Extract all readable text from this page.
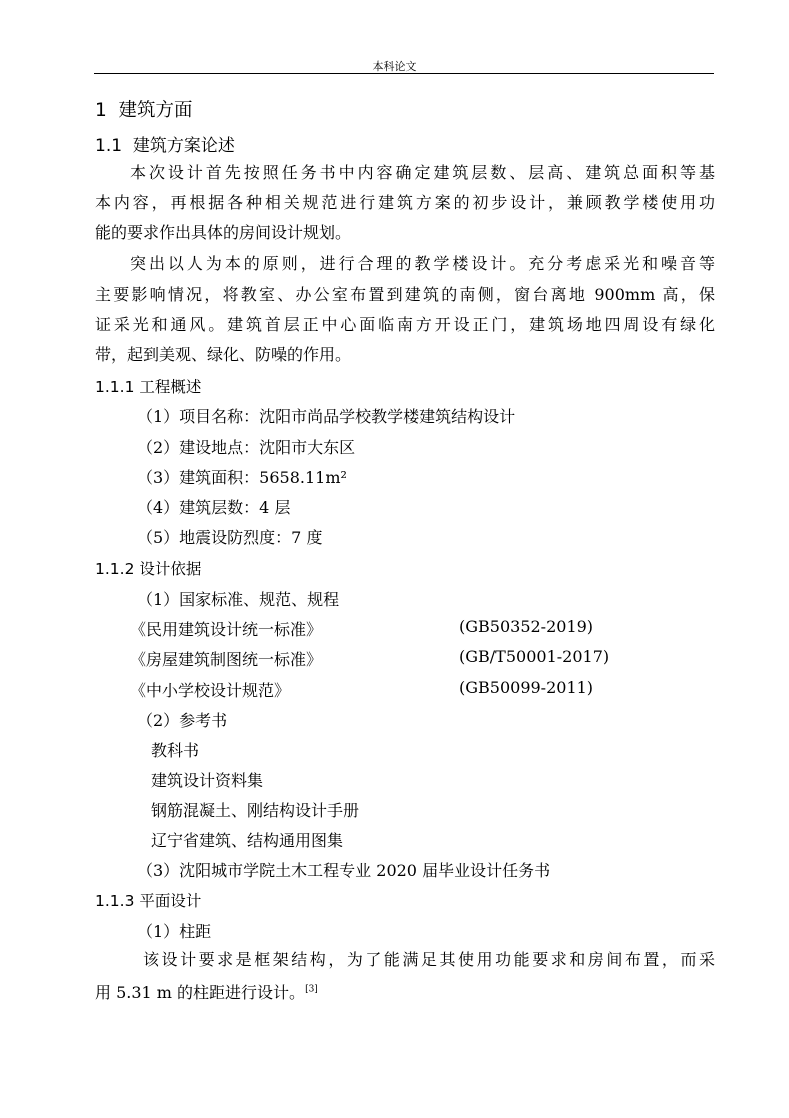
本科论文
1 建筑方面
1.1 建筑方案论述
本次设计首先按照任务书中内容确定建筑层数、层高、建筑总面积等基
本内容，再根据各种相关规范进行建筑方案的初步设计，兼顾教学楼使用功
能的要求作出具体的房间设计规划。
突出以人为本的原则，进行合理的教学楼设计。充分考虑采光和噪音等
主要影响情况，将教室、办公室布置到建筑的南侧，窗台离地 900mm 高，保
证采光和通风。建筑首层正中心面临南方开设正门，建筑场地四周设有绿化
带，起到美观、绿化、防噪的作用。
1.1.1 工程概述
（1）项目名称：沈阳市尚品学校教学楼建筑结构设计
（2）建设地点：沈阳市大东区
（3）建筑面积：5658.11m²
（4）建筑层数：4 层
（5）地震设防烈度：7 度
1.1.2 设计依据
（1）国家标准、规范、规程
《民用建筑设计统一标准》	(GB50352-2019)
《房屋建筑制图统一标准》	(GB/T50001-2017)
《中小学校设计规范》	(GB50099-2011)
（2）参考书
教科书
建筑设计资料集
钢筋混凝土、刚结构设计手册
辽宁省建筑、结构通用图集
（3）沈阳城市学院土木工程专业 2020 届毕业设计任务书
1.1.3 平面设计
（1）柱距
该设计要求是框架结构，为了能满足其使用功能要求和房间布置，而采
用 5.31 m 的柱距进行设计。[3]
